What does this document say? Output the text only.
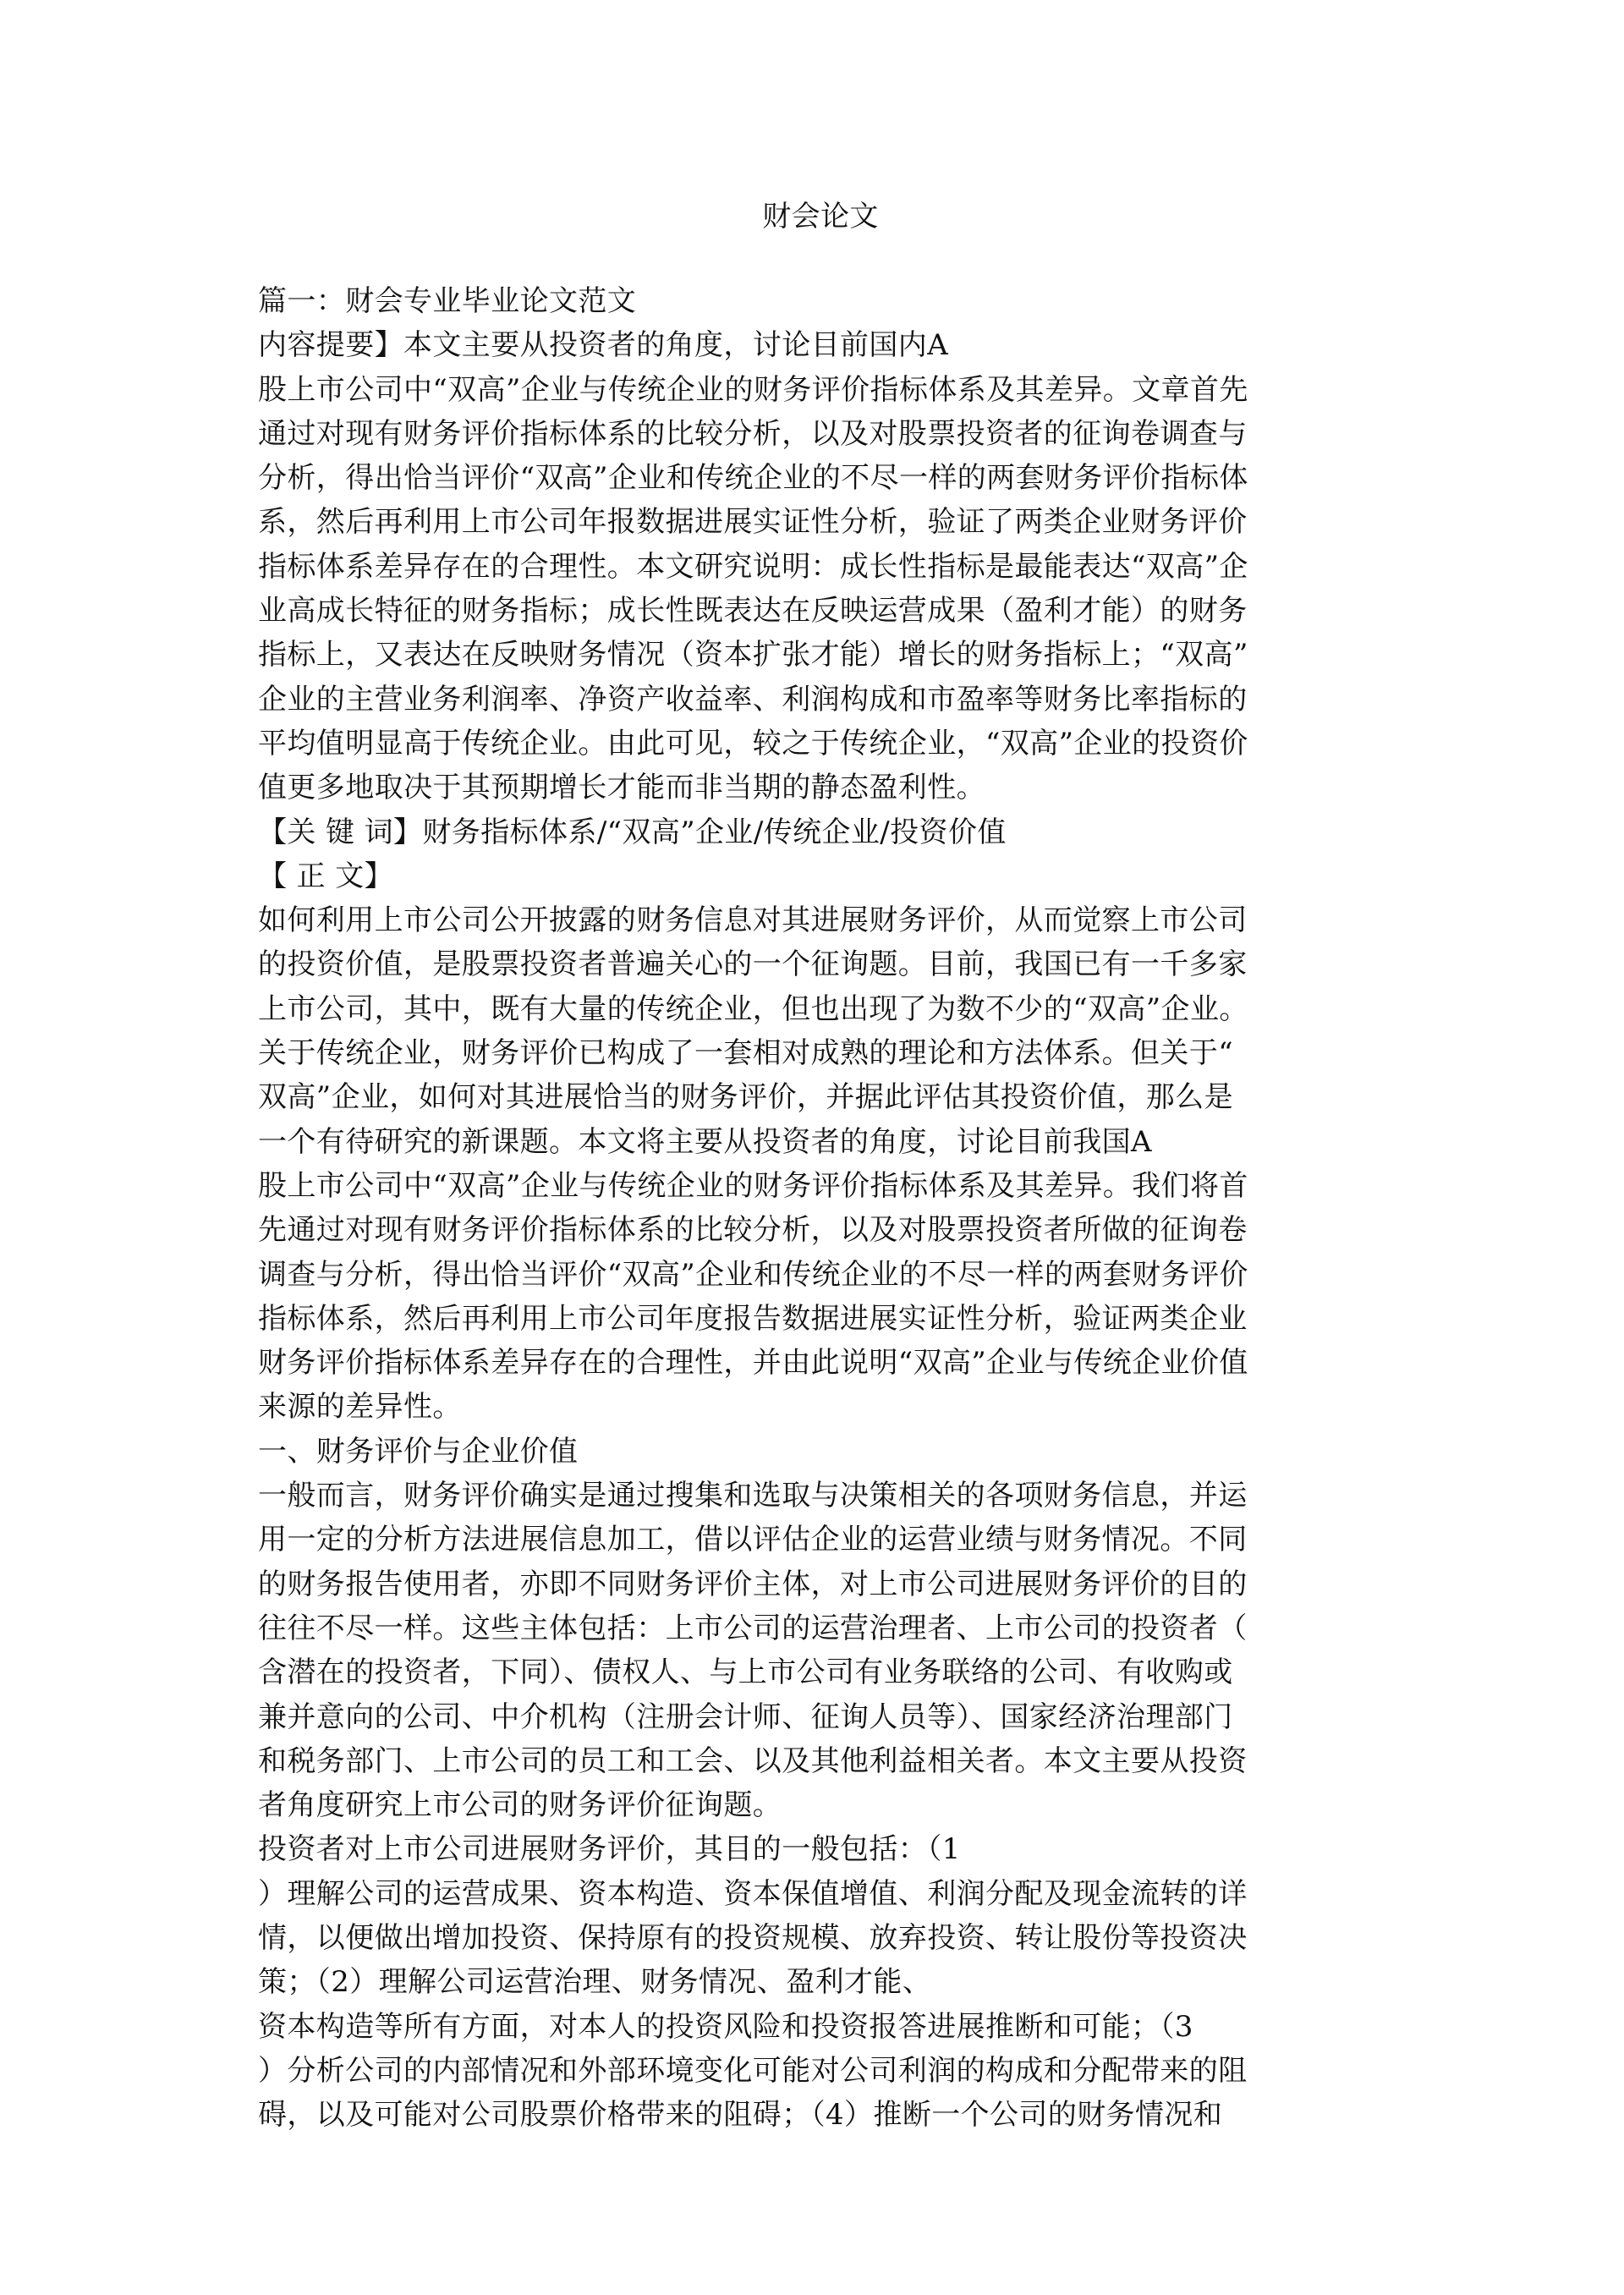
财会论文
篇一：财会专业毕业论文范文
内容提要】本文主要从投资者的角度，讨论目前国内A
股上市公司中“双高”企业与传统企业的财务评价指标体系及其差异。文章首先
通过对现有财务评价指标体系的比较分析，以及对股票投资者的征询卷调查与
分析，得出恰当评价“双高”企业和传统企业的不尽一样的两套财务评价指标体
系，然后再利用上市公司年报数据进展实证性分析，验证了两类企业财务评价
指标体系差异存在的合理性。本文研究说明：成长性指标是最能表达“双高”企
业高成长特征的财务指标；成长性既表达在反映运营成果（盈利才能）的财务
指标上，又表达在反映财务情况（资本扩张才能）增长的财务指标上；“双高”
企业的主营业务利润率、净资产收益率、利润构成和市盈率等财务比率指标的
平均值明显高于传统企业。由此可见，较之于传统企业，“双高”企业的投资价
值更多地取决于其预期增长才能而非当期的静态盈利性。
【关 键 词】财务指标体系/“双高”企业/传统企业/投资价值
【 正 文】
如何利用上市公司公开披露的财务信息对其进展财务评价，从而觉察上市公司
的投资价值，是股票投资者普遍关心的一个征询题。目前，我国已有一千多家
上市公司，其中，既有大量的传统企业，但也出现了为数不少的“双高”企业。
关于传统企业，财务评价已构成了一套相对成熟的理论和方法体系。但关于“
双高”企业，如何对其进展恰当的财务评价，并据此评估其投资价值，那么是
一个有待研究的新课题。本文将主要从投资者的角度，讨论目前我国A
股上市公司中“双高”企业与传统企业的财务评价指标体系及其差异。我们将首
先通过对现有财务评价指标体系的比较分析，以及对股票投资者所做的征询卷
调查与分析，得出恰当评价“双高”企业和传统企业的不尽一样的两套财务评价
指标体系，然后再利用上市公司年度报告数据进展实证性分析，验证两类企业
财务评价指标体系差异存在的合理性，并由此说明“双高”企业与传统企业价值
来源的差异性。
一、财务评价与企业价值
一般而言，财务评价确实是通过搜集和选取与决策相关的各项财务信息，并运
用一定的分析方法进展信息加工，借以评估企业的运营业绩与财务情况。不同
的财务报告使用者，亦即不同财务评价主体，对上市公司进展财务评价的目的
往往不尽一样。这些主体包括：上市公司的运营治理者、上市公司的投资者（
含潜在的投资者，下同）、债权人、与上市公司有业务联络的公司、有收购或
兼并意向的公司、中介机构（注册会计师、征询人员等）、国家经济治理部门
和税务部门、上市公司的员工和工会、以及其他利益相关者。本文主要从投资
者角度研究上市公司的财务评价征询题。
投资者对上市公司进展财务评价，其目的一般包括：（1
）理解公司的运营成果、资本构造、资本保值增值、利润分配及现金流转的详
情，以便做出增加投资、保持原有的投资规模、放弃投资、转让股份等投资决
策；（2）理解公司运营治理、财务情况、盈利才能、
资本构造等所有方面，对本人的投资风险和投资报答进展推断和可能；（3
）分析公司的内部情况和外部环境变化可能对公司利润的构成和分配带来的阻
碍，以及可能对公司股票价格带来的阻碍；（4）推断一个公司的财务情况和
